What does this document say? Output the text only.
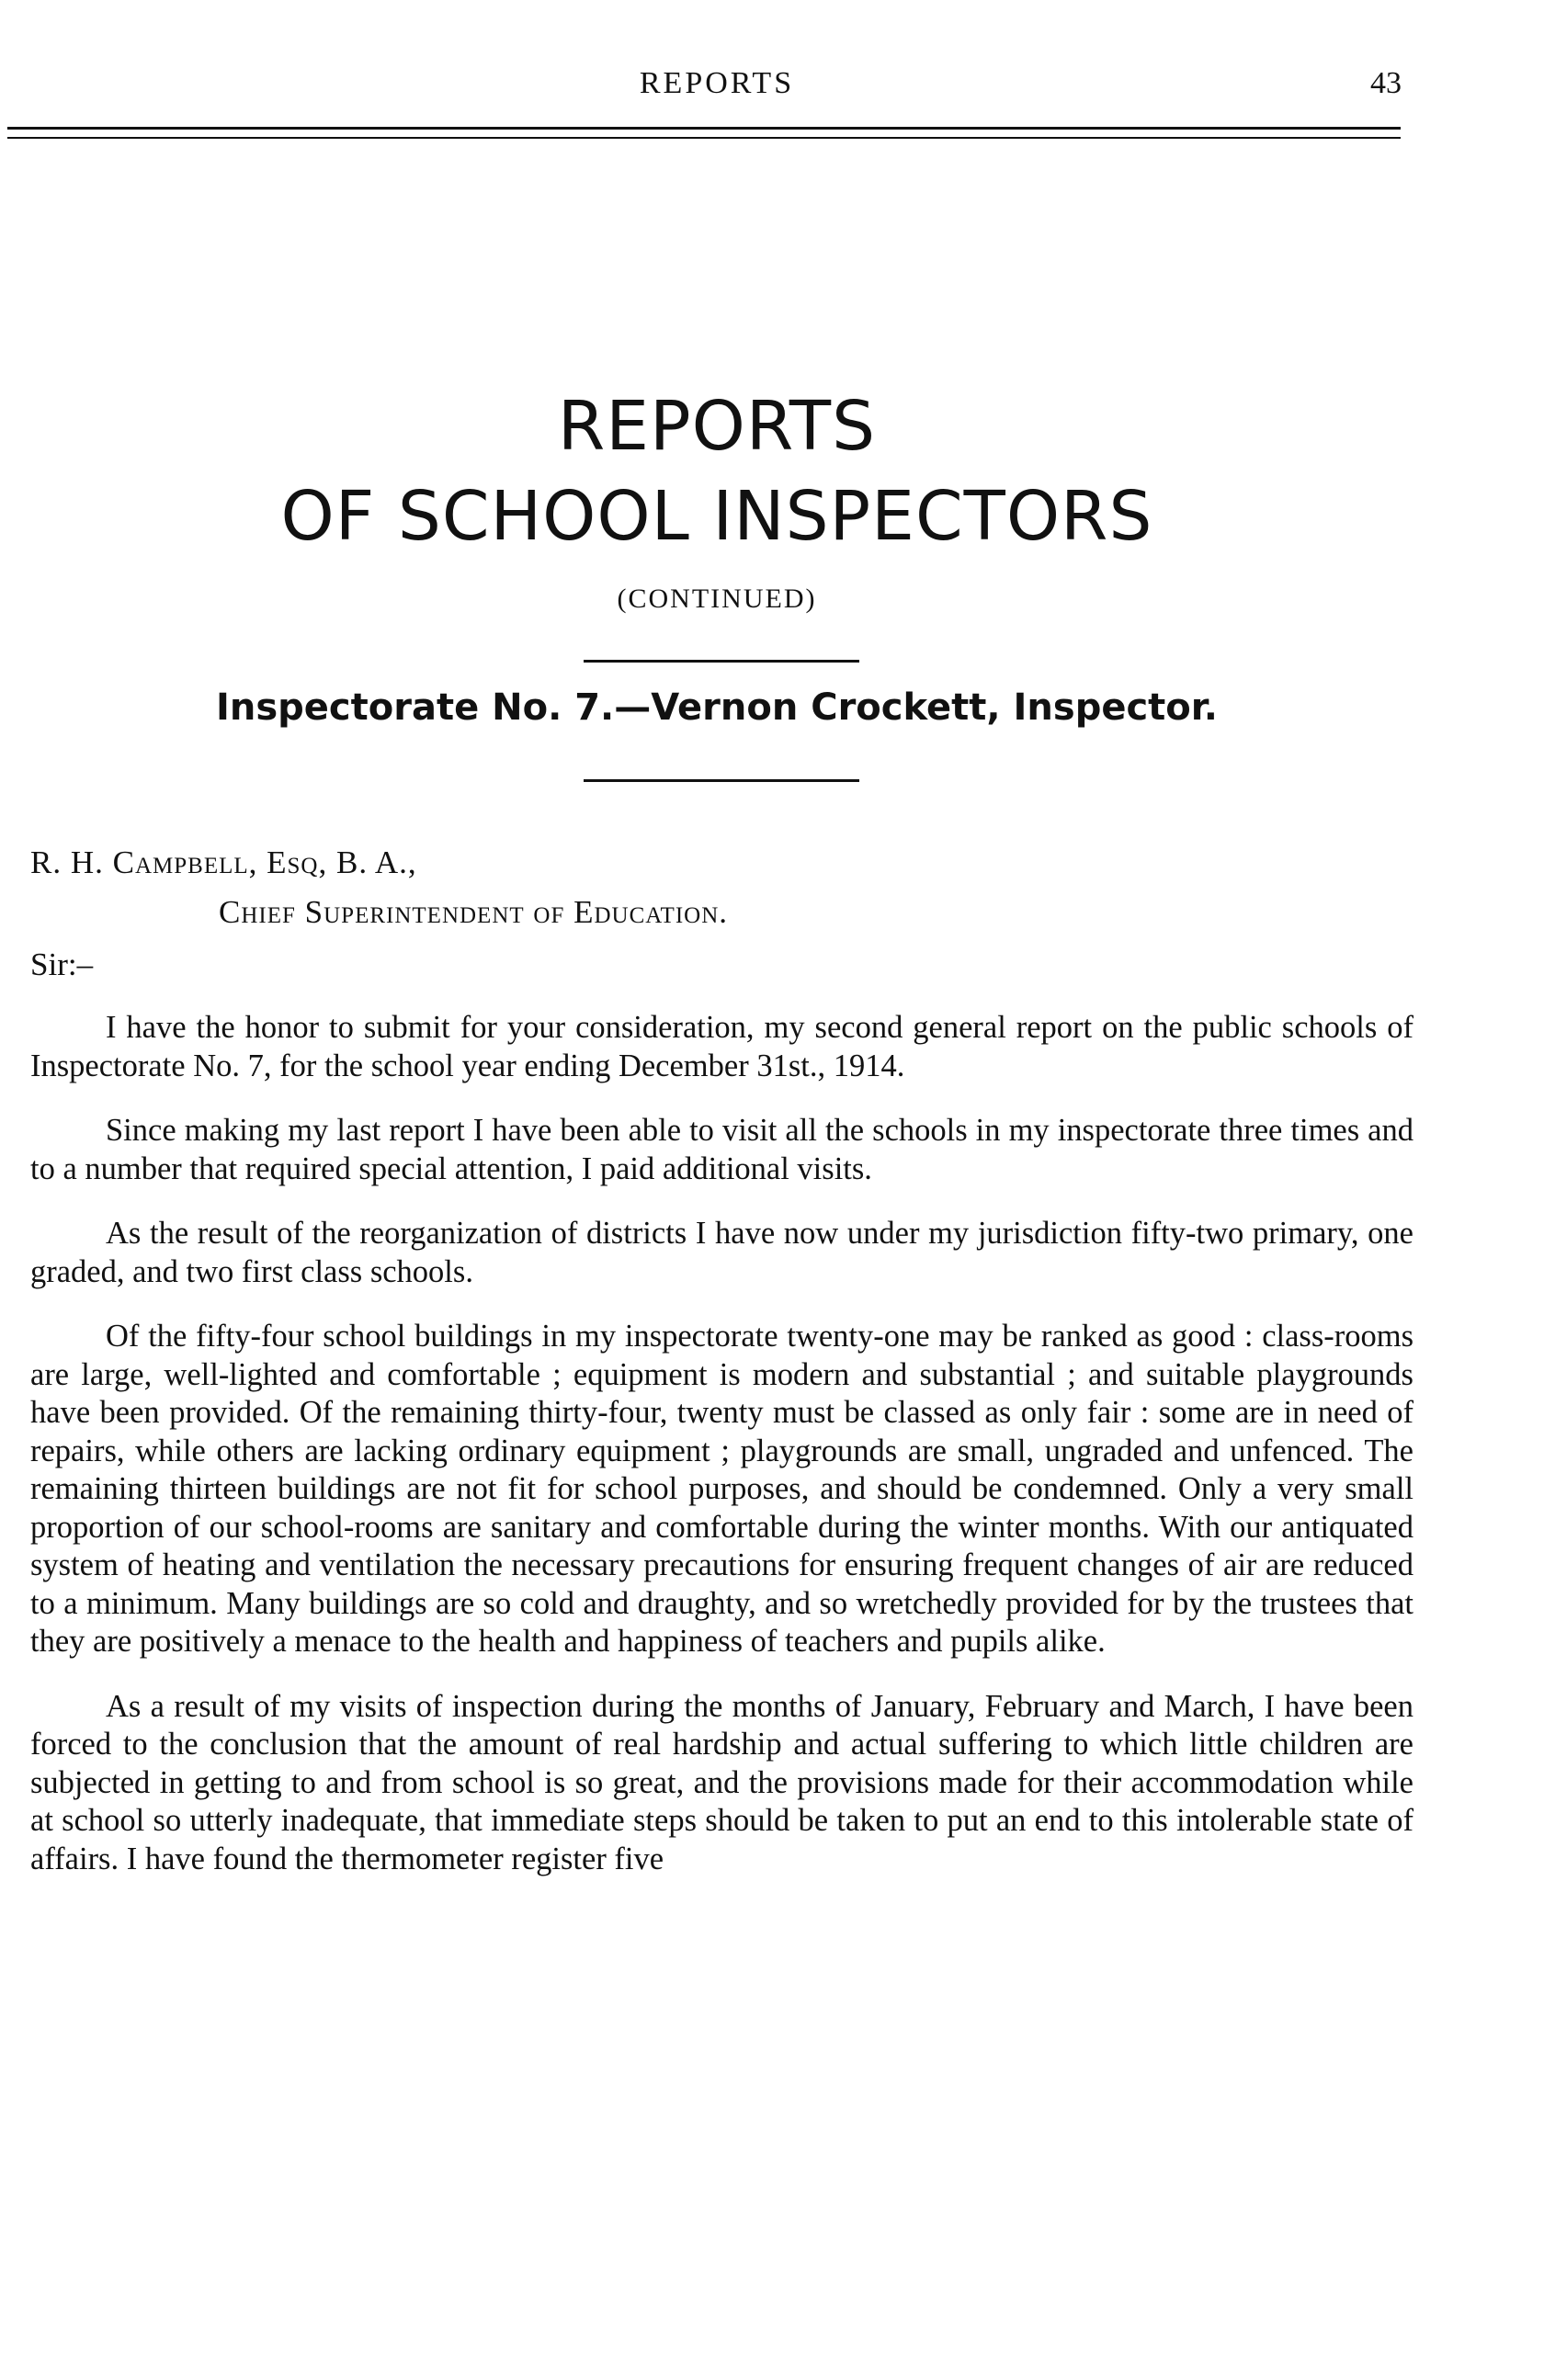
REPORTS	43
REPORTS
OF SCHOOL INSPECTORS
(CONTINUED)
Inspectorate No. 7.—Vernon Crockett, Inspector.
R. H. Campbell, Esq, B. A.,
Chief Superintendent of Education.
Sir:–

I have the honor to submit for your consideration, my second general report on the public schools of Inspectorate No. 7, for the school year ending December 31st., 1914.

Since making my last report I have been able to visit all the schools in my inspectorate three times and to a number that required special attention, I paid additional visits.

As the result of the reorganization of districts I have now under my jurisdiction fifty-two primary, one graded, and two first class schools.

Of the fifty-four school buildings in my inspectorate twenty-one may be ranked as good : class-rooms are large, well-lighted and comfortable ; equipment is modern and substantial ; and suitable playgrounds have been provided. Of the remaining thirty-four, twenty must be classed as only fair : some are in need of repairs, while others are lacking ordinary equipment ; playgrounds are small, ungraded and unfenced. The remaining thirteen buildings are not fit for school purposes, and should be condemned. Only a very small proportion of our school-rooms are sanitary and comfortable during the winter months. With our antiquated system of heating and ventilation the necessary precautions for ensuring frequent changes of air are reduced to a minimum. Many buildings are so cold and draughty, and so wretchedly provided for by the trustees that they are positively a menace to the health and happiness of teachers and pupils alike.

As a result of my visits of inspection during the months of January, February and March, I have been forced to the conclusion that the amount of real hardship and actual suffering to which little children are subjected in getting to and from school is so great, and the provisions made for their accommodation while at school so utterly inadequate, that immediate steps should be taken to put an end to this intolerable state of affairs. I have found the thermometer register five
